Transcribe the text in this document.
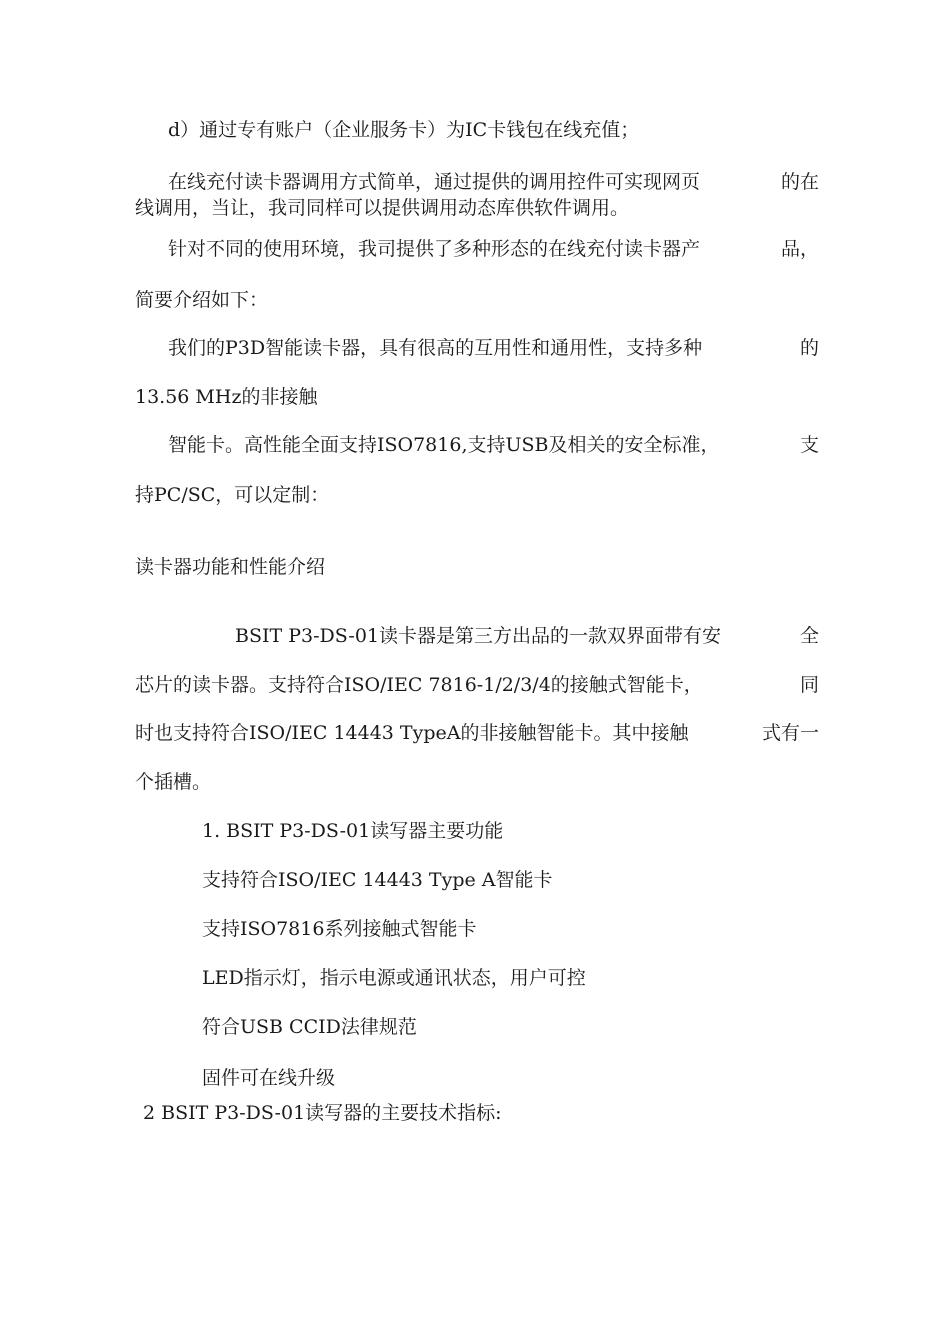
d）通过专有账户（企业服务卡）为IC卡钱包在线充值；

在线充付读卡器调用方式简单，通过提供的调用控件可实现网页	的在

线调用，当让，我司同样可以提供调用动态库供软件调用。

针对不同的使用环境，我司提供了多种形态的在线充付读卡器产	品，

简要介绍如下：

我们的P3D智能读卡器，具有很高的互用性和通用性，支持多种	的

13.56 MHz的非接触

智能卡。高性能全面支持ISO7816,支持USB及相关的安全标准，	支

持PC/SC，可以定制：

读卡器功能和性能介绍

BSIT P3-DS-01读卡器是第三方出品的一款双界面带有安	全
芯片的读卡器。支持符合ISO/IEC 7816-1/2/3/4的接触式智能卡，	同
时也支持符合ISO/IEC 14443 TypeA的非接触智能卡。其中接触	式有一

个插槽。

1. BSIT P3-DS-01读写器主要功能

支持符合ISO/IEC 14443 Type A智能卡

支持ISO7816系列接触式智能卡

LED指示灯，指示电源或通讯状态，用户可控

符合USB CCID法律规范

固件可在线升级

2 BSIT P3-DS-01读写器的主要技术指标:
